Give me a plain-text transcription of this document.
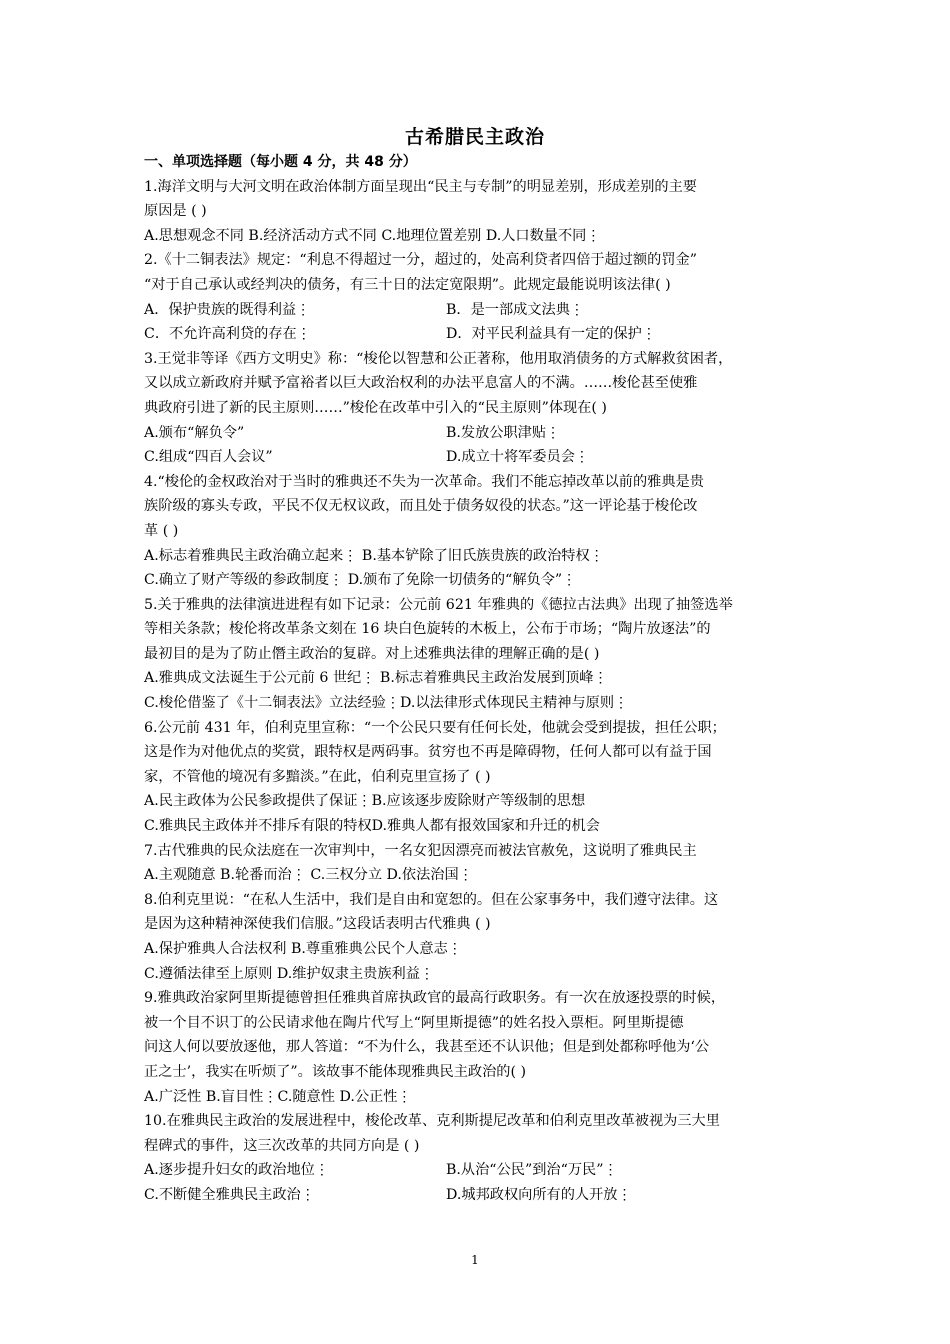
古希腊民主政治
一、单项选择题（每小题 4 分，共 48 分）
1.海洋文明与大河文明在政治体制方面呈现出“民主与专制”的明显差别，形成差别的主要
原因是 ( )
A.思想观念不同 B.经济活动方式不同 C.地理位置差别 D.人口数量不同⋮
2.《十二铜表法》规定：“利息不得超过一分，超过的，处高利贷者四倍于超过额的罚金”
“对于自己承认或经判决的债务，有三十日的法定宽限期”。此规定最能说明该法律( )
A．保护贵族的既得利益⋮	B．是一部成文法典⋮
C．不允许高利贷的存在⋮	D．对平民利益具有一定的保护⋮
3.王觉非等译《西方文明史》称：“梭伦以智慧和公正著称，他用取消债务的方式解救贫困者，
又以成立新政府并赋予富裕者以巨大政治权利的办法平息富人的不满。……梭伦甚至使雅
典政府引进了新的民主原则……”梭伦在改革中引入的“民主原则”体现在( )
A.颁布“解负令”	B.发放公职津贴⋮
C.组成“四百人会议”	D.成立十将军委员会⋮
4.“梭伦的金权政治对于当时的雅典还不失为一次革命。我们不能忘掉改革以前的雅典是贵
族阶级的寡头专政，平民不仅无权议政，而且处于债务奴役的状态。”这一评论基于梭伦改
革 ( )
A.标志着雅典民主政治确立起来⋮ B.基本铲除了旧氏族贵族的政治特权⋮
C.确立了财产等级的参政制度⋮ D.颁布了免除一切债务的“解负令”⋮
5.关于雅典的法律演进进程有如下记录：公元前 621 年雅典的《德拉古法典》出现了抽签选举
等相关条款；梭伦将改革条文刻在 16 块白色旋转的木板上，公布于市场；“陶片放逐法”的
最初目的是为了防止僭主政治的复辟。对上述雅典法律的理解正确的是( )
A.雅典成文法诞生于公元前 6 世纪⋮ B.标志着雅典民主政治发展到顶峰⋮
C.梭伦借鉴了《十二铜表法》立法经验⋮D.以法律形式体现民主精神与原则⋮
6.公元前 431 年，伯利克里宣称：“一个公民只要有任何长处，他就会受到提拔，担任公职；
这是作为对他优点的奖赏，跟特权是两码事。贫穷也不再是障碍物，任何人都可以有益于国
家，不管他的境况有多黯淡。”在此，伯利克里宣扬了 ( )
A.民主政体为公民参政提供了保证⋮B.应该逐步废除财产等级制的思想
C.雅典民主政体并不排斥有限的特权D.雅典人都有报效国家和升迁的机会
7.古代雅典的民众法庭在一次审判中，一名女犯因漂亮而被法官赦免，这说明了雅典民主
A.主观随意 B.轮番而治⋮ C.三权分立 D.依法治国⋮
8.伯利克里说：“在私人生活中，我们是自由和宽恕的。但在公家事务中，我们遵守法律。这
是因为这种精神深使我们信服。”这段话表明古代雅典 ( )
A.保护雅典人合法权利 B.尊重雅典公民个人意志⋮
C.遵循法律至上原则 D.维护奴隶主贵族利益⋮
9.雅典政治家阿里斯提德曾担任雅典首席执政官的最高行政职务。有一次在放逐投票的时候，
被一个目不识丁的公民请求他在陶片代写上“阿里斯提德”的姓名投入票柜。阿里斯提德
问这人何以要放逐他，那人答道：“不为什么，我甚至还不认识他；但是到处都称呼他为‘公
正之士’，我实在听烦了”。该故事不能体现雅典民主政治的( )
A.广泛性 B.盲目性⋮C.随意性 D.公正性⋮
10.在雅典民主政治的发展进程中，梭伦改革、克利斯提尼改革和伯利克里改革被视为三大里
程碑式的事件，这三次改革的共同方向是 ( )
A.逐步提升妇女的政治地位⋮	B.从治“公民”到治“万民”⋮
C.不断健全雅典民主政治⋮	D.城邦政权向所有的人开放⋮
1
